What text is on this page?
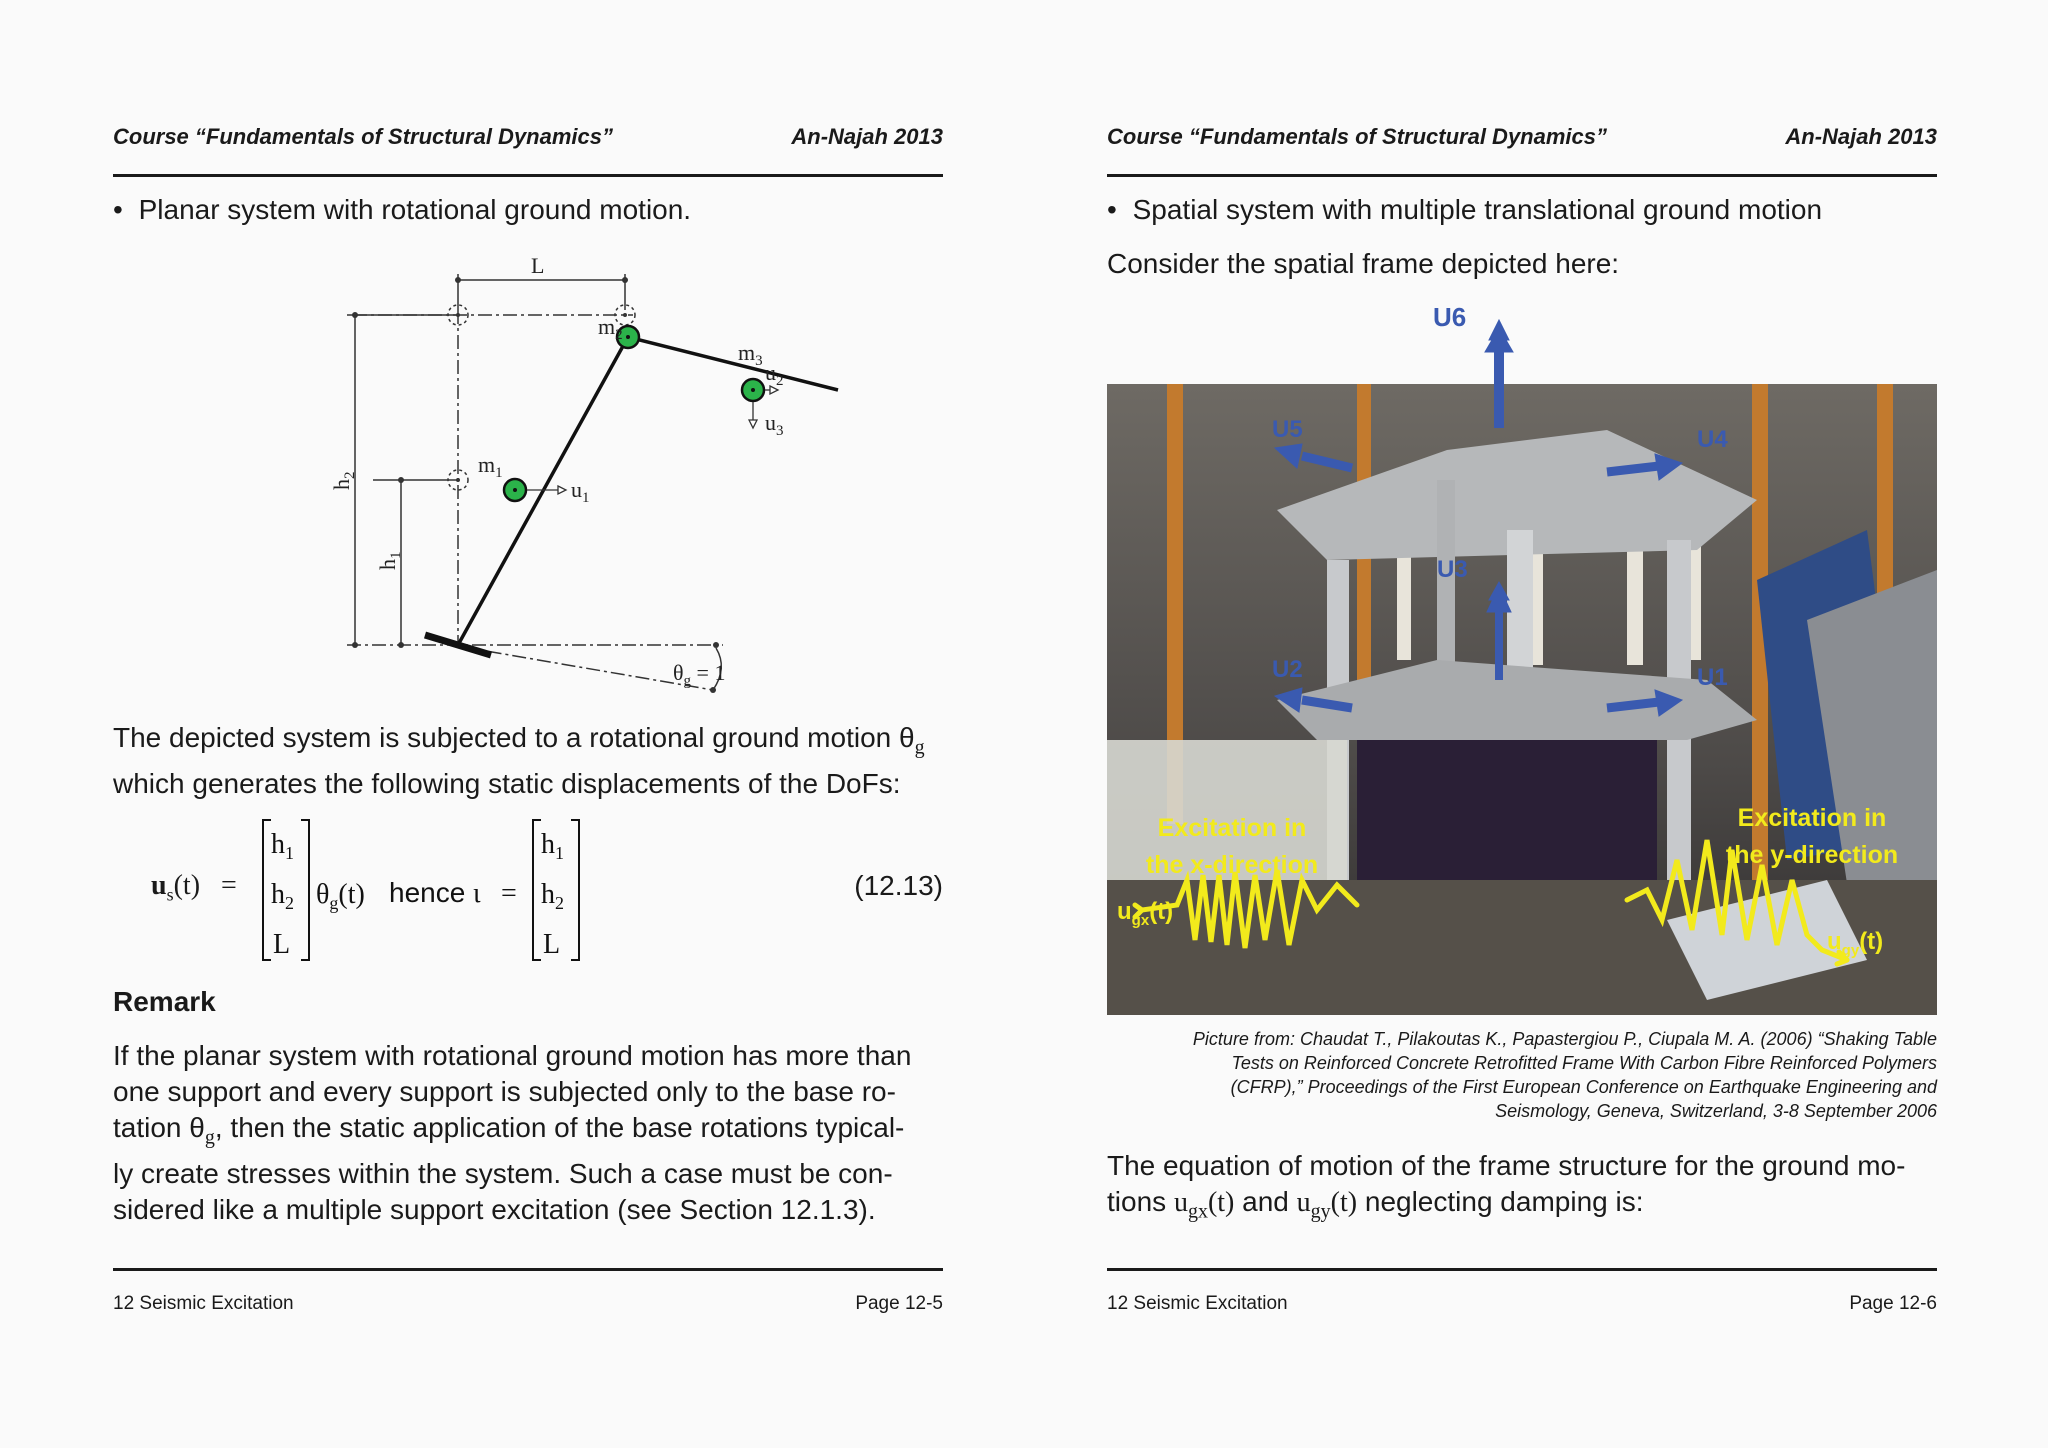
Course “Fundamentals of Structural Dynamics”	An-Najah 2013
• Planar system with rotational ground motion.
L
$m_2$
$m_3$
$m_1$
$u_1$
$u_2$
$u_3$
$\theta_g = 1$
$h_2$
$h_1$
The depicted system is subjected to a rotational ground motion $\theta_g$
which generates the following static displacements of the DoFs:
$u_s(t)$ =
$h_1$
$h_2$
L
$\theta_g(t)$ hence ι =
$h_1$
$h_2$
L
(12.13)
Remark
If the planar system with rotational ground motion has more than
one support and every support is subjected only to the base ro-
tation $\theta_g$, then the static application of the base rotations typical-
ly create stresses within the system. Such a case must be con-
sidered like a multiple support excitation (see Section 12.1.3).
12 Seismic Excitation	Page 12-5
Course “Fundamentals of Structural Dynamics”	An-Najah 2013
• Spatial system with multiple translational ground motion
Consider the spatial frame depicted here:
U6
U5	U4
U3
U2	U1
Excitation in
the x-direction
Excitation in
the y-direction
$u_{gx}(t)$
$u_{gy}(t)$
Picture from: Chaudat T., Pilakoutas K., Papastergiou P., Ciupala M. A. (2006) “Shaking Table
Tests on Reinforced Concrete Retrofitted Frame With Carbon Fibre Reinforced Polymers
(CFRP),” Proceedings of the First European Conference on Earthquake Engineering and
Seismology, Geneva, Switzerland, 3-8 September 2006
The equation of motion of the frame structure for the ground mo-
tions $u_{gx}(t)$ and $u_{gy}(t)$ neglecting damping is:
12 Seismic Excitation	Page 12-6
